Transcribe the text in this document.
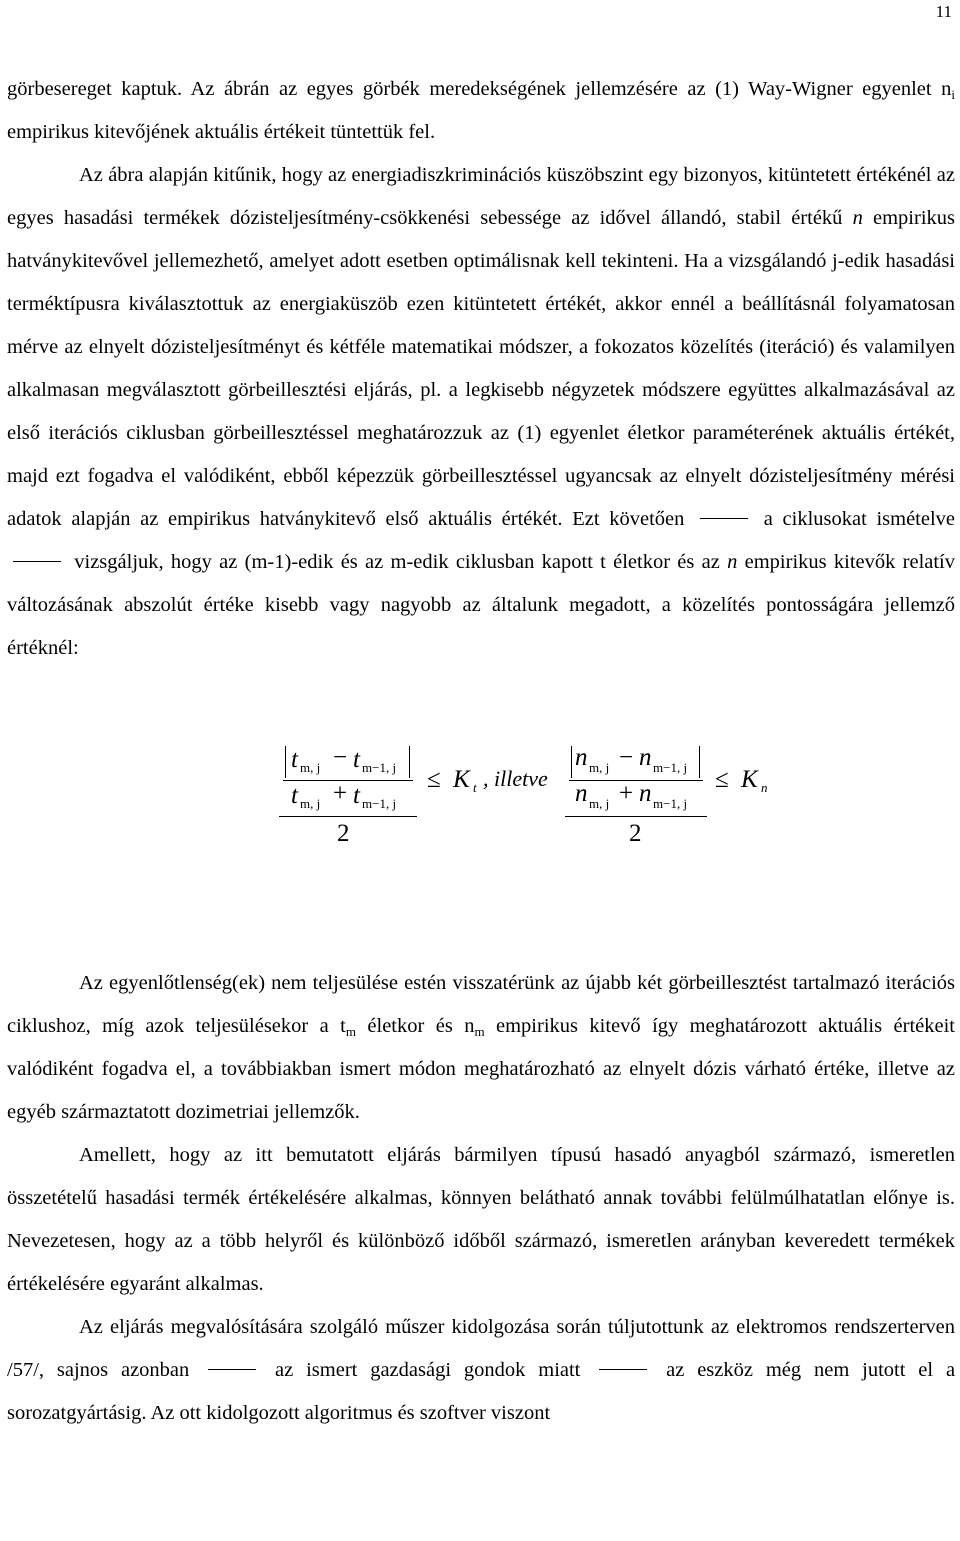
11

görbesereget kaptuk. Az ábrán az egyes görbék meredekségének jellemzésére az (1) Way-Wigner egyenlet $n_i$ empirikus kitevőjének aktuális értékeit tüntettük fel.

Az ábra alapján kitűnik, hogy az energiadiszkriminációs küszöbszint egy bizonyos, kitüntetett értékénél az egyes hasadási termékek dózisteljesítmény-csökkenési sebessége az idővel állandó, stabil értékű n empirikus hatványkitevővel jellemezhető, amelyet adott esetben optimálisnak kell tekinteni. Ha a vizsgálandó j-edik hasadási terméktípusra kiválasztottuk az energiaküszöb ezen kitüntetett értékét, akkor ennél a beállításnál folyamatosan mérve az elnyelt dózisteljesítményt és kétféle matematikai módszer, a fokozatos közelítés (iteráció) és valamilyen alkalmasan megválasztott görbeillesztési eljárás, pl. a legkisebb négyzetek módszere együttes alkalmazásával az első iterációs ciklusban görbeillesztéssel meghatározzuk az (1) egyenlet életkor paraméterének aktuális értékét, majd ezt fogadva el valódiként, ebből képezzük görbeillesztéssel ugyancsak az elnyelt dózisteljesítmény mérési adatok alapján az empirikus hatványkitevő első aktuális értékét. Ezt követően	a ciklusokat ismételve  vizsgáljuk, hogy az (m-1)-edik és az m-edik ciklusban kapott t életkor és az n empirikus kitevők relatív változásának abszolút értéke kisebb vagy nagyobb az általunk megadott, a közelítés pontosságára jellemző értéknél:

t m, j − t m−1, j
t m, j + t m−1, j
2
≤ K t , illetve
n m, j − n m−1, j
n m, j + n m−1, j
2
≤ K n

Az egyenlőtlenség(ek) nem teljesülése estén visszatérünk az újabb két görbeillesztést tartalmazó iterációs ciklushoz, míg azok teljesülésekor a $t_m$ életkor és $n_m$ empirikus kitevő így meghatározott aktuális értékeit valódiként fogadva el, a továbbiakban ismert módon meghatározható az elnyelt dózis várható értéke, illetve az egyéb származtatott dozimetriai jellemzők.

Amellett, hogy az itt bemutatott eljárás bármilyen típusú hasadó anyagból származó, ismeretlen összetételű hasadási termék értékelésére alkalmas, könnyen belátható annak további felülmúlhatatlan előnye is. Nevezetesen, hogy az a több helyről és különböző időből származó, ismeretlen arányban keveredett termékek értékelésére egyaránt alkalmas.

Az eljárás megvalósítására szolgáló műszer kidolgozása során túljutottunk az elektromos rendszerterven /57/, sajnos azonban	az ismert gazdasági gondok miatt	az eszköz még nem jutott el a sorozatgyártásig. Az ott kidolgozott algoritmus és szoftver viszont
